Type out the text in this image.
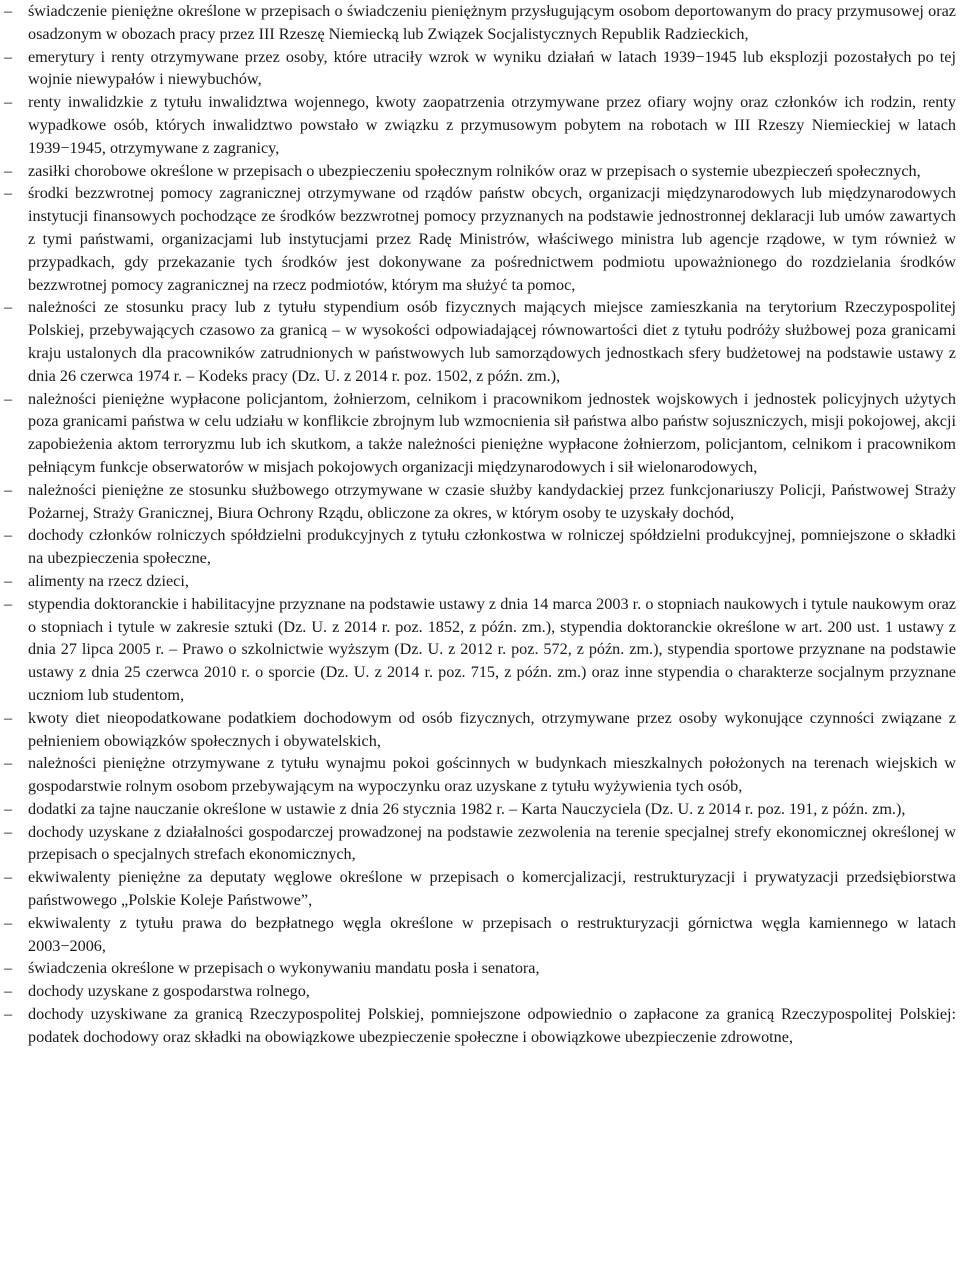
– świadczenie pieniężne określone w przepisach o świadczeniu pieniężnym przysługującym osobom deportowanym do pracy przymusowej oraz osadzonym w obozach pracy przez III Rzeszę Niemiecką lub Związek Socjalistycznych Republik Radzieckich,
– emerytury i renty otrzymywane przez osoby, które utraciły wzrok w wyniku działań w latach 1939−1945 lub eksplozji pozostałych po tej wojnie niewypałów i niewybuchów,
– renty inwalidzkie z tytułu inwalidztwa wojennego, kwoty zaopatrzenia otrzymywane przez ofiary wojny oraz członków ich rodzin, renty wypadkowe osób, których inwalidztwo powstało w związku z przymusowym pobytem na robotach w III Rzeszy Niemieckiej w latach 1939−1945, otrzymywane z zagranicy,
– zasiłki chorobowe określone w przepisach o ubezpieczeniu społecznym rolników oraz w przepisach o systemie ubezpieczeń społecznych,
– środki bezzwrotnej pomocy zagranicznej otrzymywane od rządów państw obcych, organizacji międzynarodowych lub międzynarodowych instytucji finansowych pochodzące ze środków bezzwrotnej pomocy przyznanych na podstawie jednostronnej deklaracji lub umów zawartych z tymi państwami, organizacjami lub instytucjami przez Radę Ministrów, właściwego ministra lub agencje rządowe, w tym również w przypadkach, gdy przekazanie tych środków jest dokonywane za pośrednictwem podmiotu upoważnionego do rozdzielania środków bezzwrotnej pomocy zagranicznej na rzecz podmiotów, którym ma służyć ta pomoc,
– należności ze stosunku pracy lub z tytułu stypendium osób fizycznych mających miejsce zamieszkania na terytorium Rzeczypospolitej Polskiej, przebywających czasowo za granicą – w wysokości odpowiadającej równowartości diet z tytułu podróży służbowej poza granicami kraju ustalonych dla pracowników zatrudnionych w państwowych lub samorządowych jednostkach sfery budżetowej na podstawie ustawy z dnia 26 czerwca 1974 r. – Kodeks pracy (Dz. U. z 2014 r. poz. 1502, z późn. zm.),
– należności pieniężne wypłacone policjantom, żołnierzom, celnikom i pracownikom jednostek wojskowych i jednostek policyjnych użytych poza granicami państwa w celu udziału w konflikcie zbrojnym lub wzmocnienia sił państwa albo państw sojuszniczych, misji pokojowej, akcji zapobieżenia aktom terroryzmu lub ich skutkom, a także należności pieniężne wypłacone żołnierzom, policjantom, celnikom i pracownikom pełniącym funkcje obserwatorów w misjach pokojowych organizacji międzynarodowych i sił wielonarodowych,
– należności pieniężne ze stosunku służbowego otrzymywane w czasie służby kandydackiej przez funkcjonariuszy Policji, Państwowej Straży Pożarnej, Straży Granicznej, Biura Ochrony Rządu, obliczone za okres, w którym osoby te uzyskały dochód,
– dochody członków rolniczych spółdzielni produkcyjnych z tytułu członkostwa w rolniczej spółdzielni produkcyjnej, pomniejszone o składki na ubezpieczenia społeczne,
– alimenty na rzecz dzieci,
– stypendia doktoranckie i habilitacyjne przyznane na podstawie ustawy z dnia 14 marca 2003 r. o stopniach naukowych i tytule naukowym oraz o stopniach i tytule w zakresie sztuki (Dz. U. z 2014 r. poz. 1852, z późn. zm.), stypendia doktoranckie określone w art. 200 ust. 1 ustawy z dnia 27 lipca 2005 r. – Prawo o szkolnictwie wyższym (Dz. U. z 2012 r. poz. 572, z późn. zm.), stypendia sportowe przyznane na podstawie ustawy z dnia 25 czerwca 2010 r. o sporcie (Dz. U. z 2014 r. poz. 715, z późn. zm.) oraz inne stypendia o charakterze socjalnym przyznane uczniom lub studentom,
– kwoty diet nieopodatkowane podatkiem dochodowym od osób fizycznych, otrzymywane przez osoby wykonujące czynności związane z pełnieniem obowiązków społecznych i obywatelskich,
– należności pieniężne otrzymywane z tytułu wynajmu pokoi gościnnych w budynkach mieszkalnych położonych na terenach wiejskich w gospodarstwie rolnym osobom przebywającym na wypoczynku oraz uzyskane z tytułu wyżywienia tych osób,
– dodatki za tajne nauczanie określone w ustawie z dnia 26 stycznia 1982 r. – Karta Nauczyciela (Dz. U. z 2014 r. poz. 191, z późn. zm.),
– dochody uzyskane z działalności gospodarczej prowadzonej na podstawie zezwolenia na terenie specjalnej strefy ekonomicznej określonej w przepisach o specjalnych strefach ekonomicznych,
– ekwiwalenty pieniężne za deputaty węglowe określone w przepisach o komercjalizacji, restrukturyzacji i prywatyzacji przedsiębiorstwa państwowego „Polskie Koleje Państwowe”,
– ekwiwalenty z tytułu prawa do bezpłatnego węgla określone w przepisach o restrukturyzacji górnictwa węgla kamiennego w latach 2003−2006,
– świadczenia określone w przepisach o wykonywaniu mandatu posła i senatora,
– dochody uzyskane z gospodarstwa rolnego,
– dochody uzyskiwane za granicą Rzeczypospolitej Polskiej, pomniejszone odpowiednio o zapłacone za granicą Rzeczypospolitej Polskiej: podatek dochodowy oraz składki na obowiązkowe ubezpieczenie społeczne i obowiązkowe ubezpieczenie zdrowotne,
